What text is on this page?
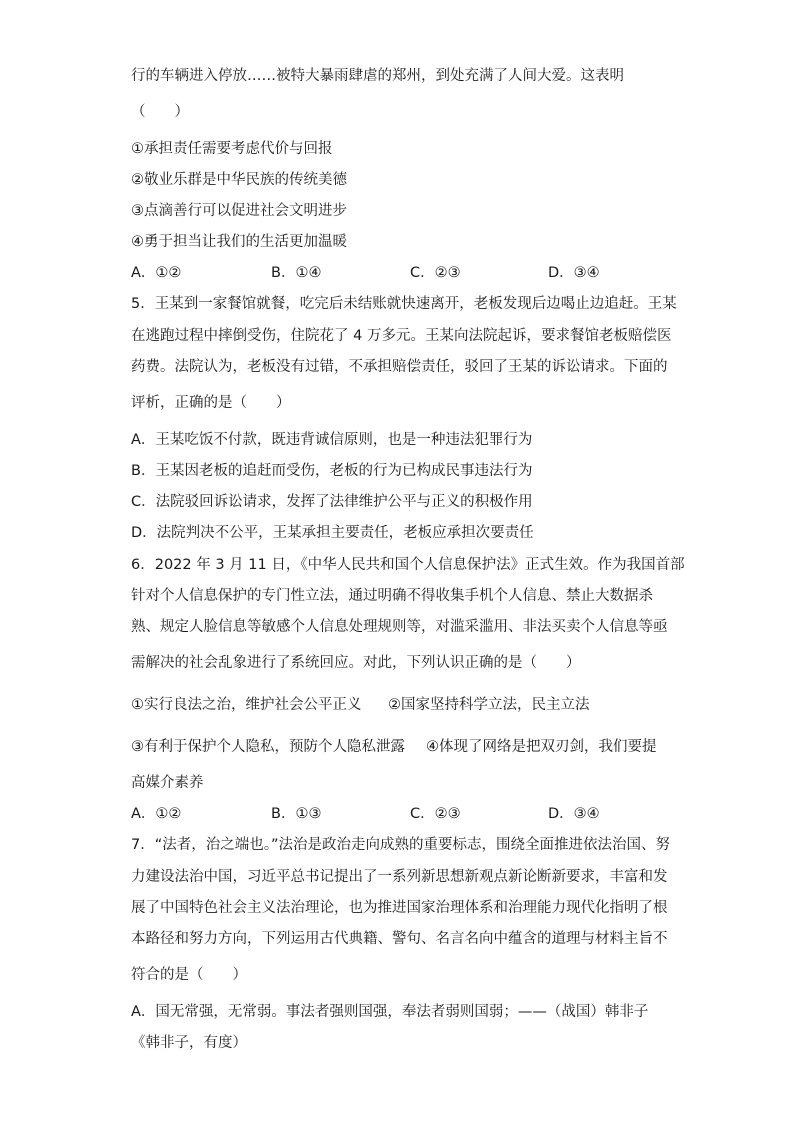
行的车辆进入停放……被特大暴雨肆虐的郑州，到处充满了人间大爱。这表明
（　　）
①承担责任需要考虑代价与回报
②敬业乐群是中华民族的传统美德
③点滴善行可以促进社会文明进步
④勇于担当让我们的生活更加温暖
A．①②	B．①④	C．②③	D．③④
5．王某到一家餐馆就餐，吃完后未结账就快速离开，老板发现后边喝止边追赶。王某
在逃跑过程中摔倒受伤，住院花了 4 万多元。王某向法院起诉，要求餐馆老板赔偿医
药费。法院认为，老板没有过错，不承担赔偿责任，驳回了王某的诉讼请求。下面的
评析，正确的是（　　）
A．王某吃饭不付款，既违背诚信原则，也是一种违法犯罪行为
B．王某因老板的追赶而受伤，老板的行为已构成民事违法行为
C．法院驳回诉讼请求，发挥了法律维护公平与正义的积极作用
D．法院判决不公平，王某承担主要责任，老板应承担次要责任
6．2022 年 3 月 11 日，《中华人民共和国个人信息保护法》正式生效。作为我国首部
针对个人信息保护的专门性立法，通过明确不得收集手机个人信息、禁止大数据杀
熟、规定人脸信息等敏感个人信息处理规则等，对滥采滥用、非法买卖个人信息等亟
需解决的社会乱象进行了系统回应。对此，下列认识正确的是（　　）
①实行良法之治，维护社会公平正义 ②国家坚持科学立法，民主立法
③有利于保护个人隐私，预防个人隐私泄露 ④体现了网络是把双刃剑，我们要提
高媒介素养
A．①②	B．①③	C．②③	D．③④
7．“法者，治之端也。”法治是政治走向成熟的重要标志，围绕全面推进依法治国、努
力建设法治中国，习近平总书记提出了一系列新思想新观点新论断新要求，丰富和发
展了中国特色社会主义法治理论，也为推进国家治理体系和治理能力现代化指明了根
本路径和努力方向，下列运用古代典籍、警句、名言名向中蕴含的道理与材料主旨不
符合的是（　　）
A．国无常强，无常弱。事法者强则国强，奉法者弱则国弱；——（战国）韩非子
《韩非子，有度）
